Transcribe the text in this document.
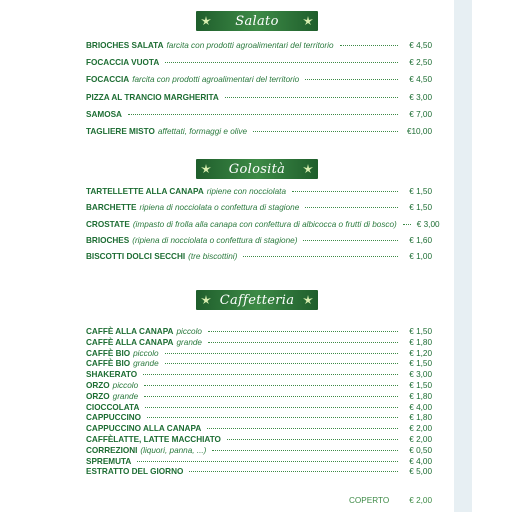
Salato
Golosità
Caffetteria
BRIOCHES SALATA farcita con prodotti agroalimentari del territorio	€ 4,50
FOCACCIA VUOTA	€ 2,50
FOCACCIA farcita con prodotti agroalimentari del territorio	€ 4,50
PIZZA AL TRANCIO MARGHERITA	€ 3,00
SAMOSA	€ 7,00
TAGLIERE MISTO affettati, formaggi e olive	€10,00
TARTELLETTE ALLA CANAPA ripiene con nocciolata	€ 1,50
BARCHETTE ripiena di nocciolata o confettura di stagione	€ 1,50
CROSTATE (impasto di frolla alla canapa con confettura di albicocca o frutti di bosco) € 3,00
BRIOCHES (ripiena di nocciolata o confettura di stagione)	€ 1,60
BISCOTTI DOLCI SECCHI (tre biscottini)	€ 1,00
CAFFÈ ALLA CANAPA piccolo	€ 1,50
CAFFÈ ALLA CANAPA grande	€ 1,80
CAFFÈ BIO piccolo	€ 1,20
CAFFÈ BIO grande	€ 1,50
SHAKERATO	€ 3,00
ORZO piccolo	€ 1,50
ORZO grande	€ 1,80
CIOCCOLATA	€ 4,00
CAPPUCCINO	€ 1,80
CAPPUCCINO ALLA CANAPA	€ 2,00
CAFFÈLATTE, LATTE MACCHIATO	€ 2,00
CORREZIONI (liquori, panna, ...)	€ 0,50
SPREMUTA	€ 4,00
ESTRATTO DEL GIORNO	€ 5,00
COPERTO € 2,00
